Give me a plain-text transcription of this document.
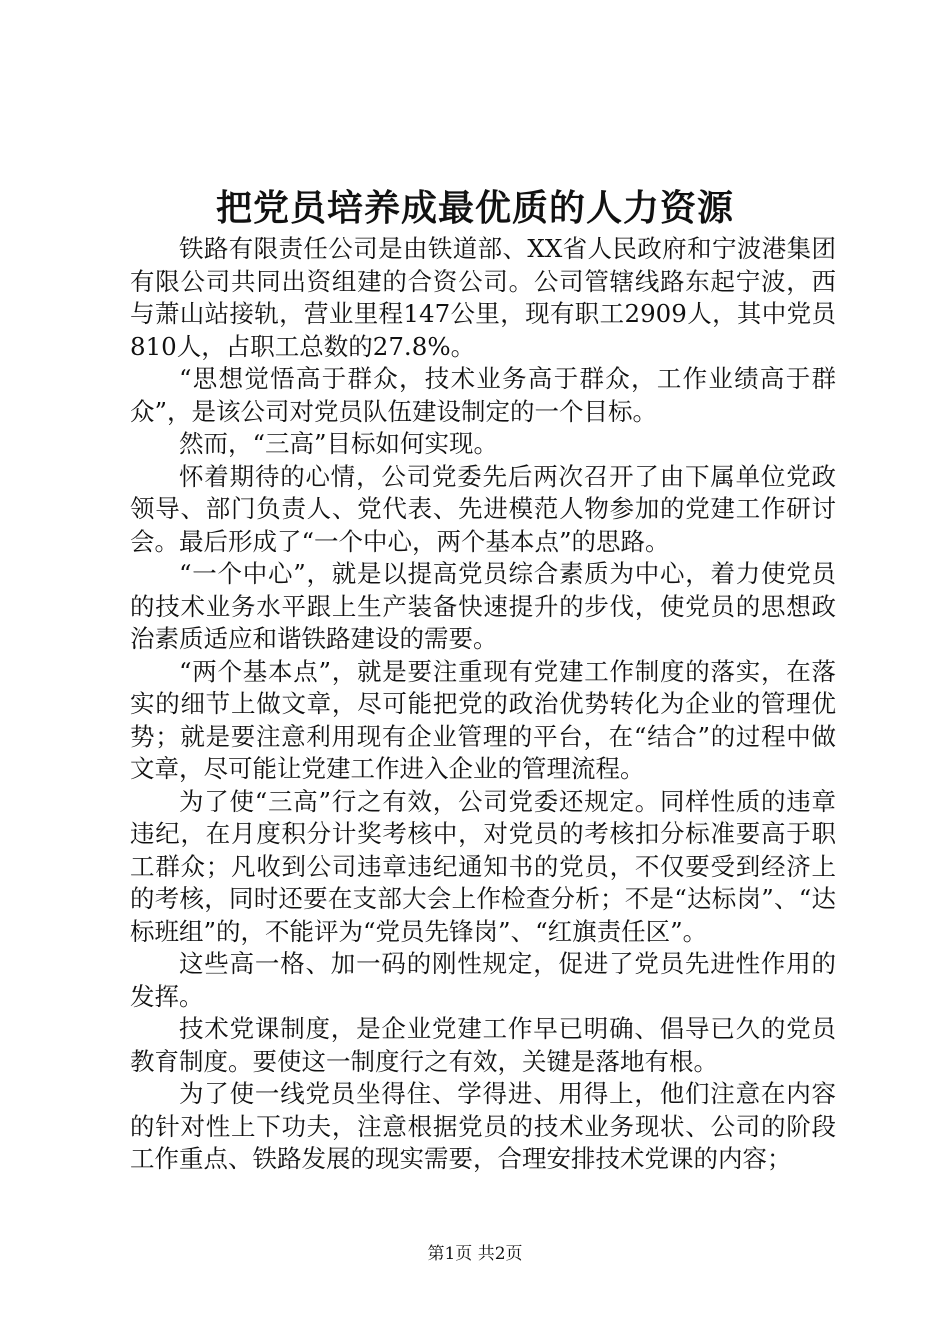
把党员培养成最优质的人力资源

铁路有限责任公司是由铁道部、XX省人民政府和宁波港集团有限公司共同出资组建的合资公司。公司管辖线路东起宁波，西与萧山站接轨，营业里程147公里，现有职工2909人，其中党员810人，占职工总数的27.8%。

“思想觉悟高于群众，技术业务高于群众，工作业绩高于群众”，是该公司对党员队伍建设制定的一个目标。

然而，“三高”目标如何实现。

怀着期待的心情，公司党委先后两次召开了由下属单位党政领导、部门负责人、党代表、先进模范人物参加的党建工作研讨会。最后形成了“一个中心，两个基本点”的思路。

“一个中心”，就是以提高党员综合素质为中心，着力使党员的技术业务水平跟上生产装备快速提升的步伐，使党员的思想政治素质适应和谐铁路建设的需要。

“两个基本点”，就是要注重现有党建工作制度的落实，在落实的细节上做文章，尽可能把党的政治优势转化为企业的管理优势；就是要注意利用现有企业管理的平台，在“结合”的过程中做文章，尽可能让党建工作进入企业的管理流程。

为了使“三高”行之有效，公司党委还规定。同样性质的违章违纪，在月度积分计奖考核中，对党员的考核扣分标准要高于职工群众；凡收到公司违章违纪通知书的党员，不仅要受到经济上的考核，同时还要在支部大会上作检查分析；不是“达标岗”、“达标班组”的，不能评为“党员先锋岗”、“红旗责任区”。

这些高一格、加一码的刚性规定，促进了党员先进性作用的发挥。

技术党课制度，是企业党建工作早已明确、倡导已久的党员教育制度。要使这一制度行之有效，关键是落地有根。

为了使一线党员坐得住、学得进、用得上，他们注意在内容的针对性上下功夫，注意根据党员的技术业务现状、公司的阶段工作重点、铁路发展的现实需要，合理安排技术党课的内容；

第1页 共2页
